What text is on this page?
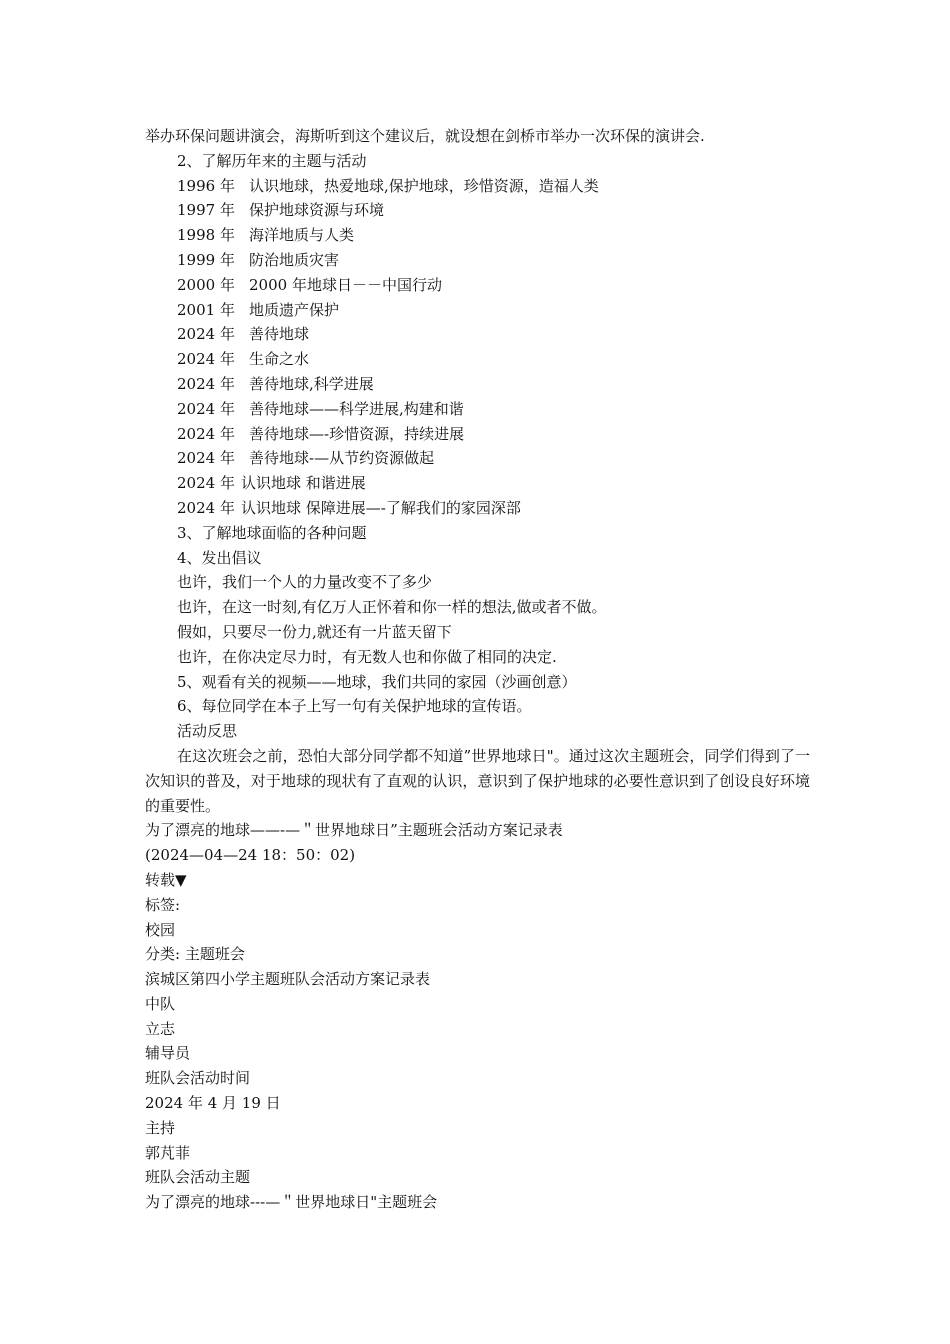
举办环保问题讲演会，海斯听到这个建议后，就设想在剑桥市举办一次环保的演讲会.
2、了解历年来的主题与活动
1996 年 认识地球，热爱地球,保护地球，珍惜资源，造福人类
1997 年 保护地球资源与环境
1998 年 海洋地质与人类
1999 年 防治地质灾害
2000 年 2000 年地球日－－中国行动
2001 年 地质遗产保护
2024 年 善待地球
2024 年 生命之水
2024 年 善待地球,科学进展
2024 年 善待地球——科学进展,构建和谐
2024 年 善待地球—-珍惜资源，持续进展
2024 年 善待地球-—从节约资源做起
2024 年 认识地球 和谐进展
2024 年 认识地球 保障进展—-了解我们的家园深部
3、了解地球面临的各种问题
4、发出倡议
也许，我们一个人的力量改变不了多少
也许，在这一时刻,有亿万人正怀着和你一样的想法,做或者不做。
假如，只要尽一份力,就还有一片蓝天留下
也许，在你决定尽力时，有无数人也和你做了相同的决定.
5、观看有关的视频——地球，我们共同的家园（沙画创意）
6、每位同学在本子上写一句有关保护地球的宣传语。
活动反思
在这次班会之前，恐怕大部分同学都不知道”世界地球日"。通过这次主题班会，同学们得到了一次知识的普及，对于地球的现状有了直观的认识，意识到了保护地球的必要性意识到了创设良好环境的重要性。
为了漂亮的地球——-—＂世界地球日”主题班会活动方案记录表
(2024—04—24 18：50：02)
转载▼
标签:
校园
分类: 主题班会
滨城区第四小学主题班队会活动方案记录表
中队
立志
辅导员
班队会活动时间
2024 年 4 月 19 日
主持
郭芃菲
班队会活动主题
为了漂亮的地球---—＂世界地球日"主题班会
